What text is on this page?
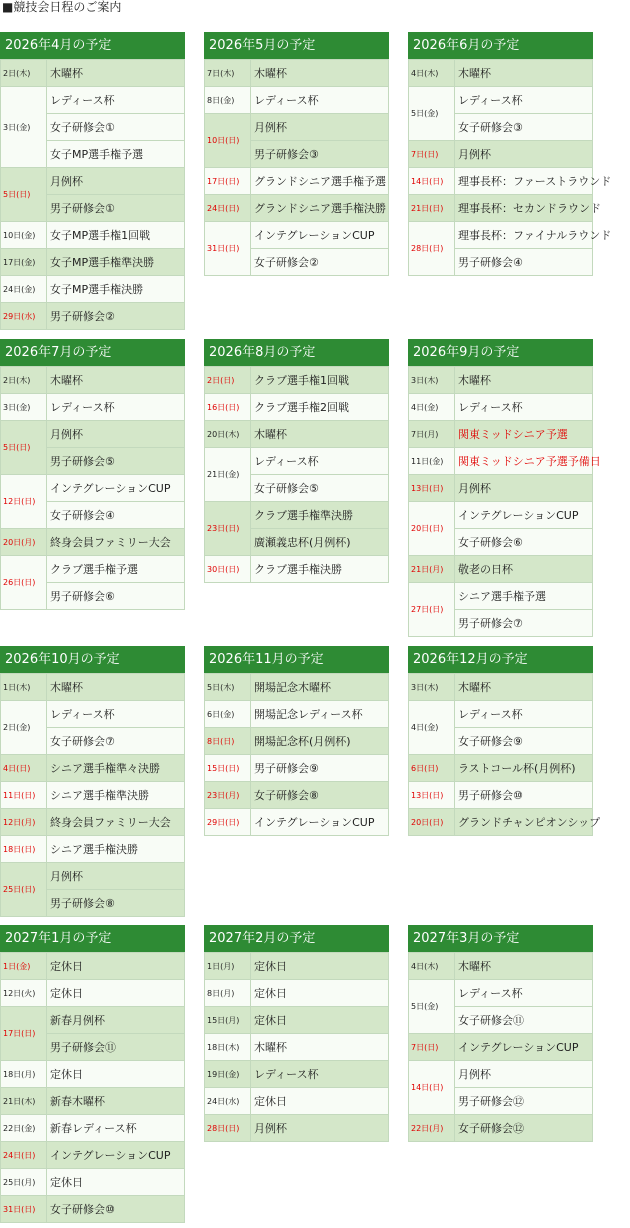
■競技会日程のご案内
2026年4月の予定
2日(木)	木曜杯
3日(金)	レディース杯
	女子研修会①
	女子MP選手権予選
5日(日)	月例杯
	男子研修会①
10日(金)	女子MP選手権1回戦
17日(金)	女子MP選手権準決勝
24日(金)	女子MP選手権決勝
29日(水)	男子研修会②
2026年5月の予定
7日(木)	木曜杯
8日(金)	レディース杯
10日(日)	月例杯
	男子研修会③
17日(日)	グランドシニア選手権予選
24日(日)	グランドシニア選手権決勝
31日(日)	インテグレーションCUP
	女子研修会②
2026年6月の予定
4日(木)	木曜杯
5日(金)	レディース杯
	女子研修会③
7日(日)	月例杯
14日(日)	理事長杯：ファーストラウンド
21日(日)	理事長杯：セカンドラウンド
28日(日)	理事長杯：ファイナルラウンド
	男子研修会④
2026年7月の予定
2日(木)	木曜杯
3日(金)	レディース杯
5日(日)	月例杯
	男子研修会⑤
12日(日)	インテグレーションCUP
	女子研修会④
20日(月)	終身会員ファミリー大会
26日(日)	クラブ選手権予選
	男子研修会⑥
2026年8月の予定
2日(日)	クラブ選手権1回戦
16日(日)	クラブ選手権2回戦
20日(木)	木曜杯
21日(金)	レディース杯
	女子研修会⑤
23日(日)	クラブ選手権準決勝
	廣瀬義忠杯(月例杯)
30日(日)	クラブ選手権決勝
2026年9月の予定
3日(木)	木曜杯
4日(金)	レディース杯
7日(月)	関東ミッドシニア予選
11日(金)	関東ミッドシニア予選予備日
13日(日)	月例杯
20日(日)	インテグレーションCUP
	女子研修会⑥
21日(月)	敬老の日杯
27日(日)	シニア選手権予選
	男子研修会⑦
2026年10月の予定
1日(木)	木曜杯
2日(金)	レディース杯
	女子研修会⑦
4日(日)	シニア選手権準々決勝
11日(日)	シニア選手権準決勝
12日(月)	終身会員ファミリー大会
18日(日)	シニア選手権決勝
25日(日)	月例杯
	男子研修会⑧
2026年11月の予定
5日(木)	開場記念木曜杯
6日(金)	開場記念レディース杯
8日(日)	開場記念杯(月例杯)
15日(日)	男子研修会⑨
23日(月)	女子研修会⑧
29日(日)	インテグレーションCUP
2026年12月の予定
3日(木)	木曜杯
4日(金)	レディース杯
	女子研修会⑨
6日(日)	ラストコール杯(月例杯)
13日(日)	男子研修会⑩
20日(日)	グランドチャンピオンシップ
2027年1月の予定
1日(金)	定休日
12日(火)	定休日
17日(日)	新春月例杯
	男子研修会⑪
18日(月)	定休日
21日(木)	新春木曜杯
22日(金)	新春レディース杯
24日(日)	インテグレーションCUP
25日(月)	定休日
31日(日)	女子研修会⑩
2027年2月の予定
1日(月)	定休日
8日(月)	定休日
15日(月)	定休日
18日(木)	木曜杯
19日(金)	レディース杯
24日(水)	定休日
28日(日)	月例杯
2027年3月の予定
4日(木)	木曜杯
5日(金)	レディース杯
	女子研修会⑪
7日(日)	インテグレーションCUP
14日(日)	月例杯
	男子研修会⑫
22日(月)	女子研修会⑫
